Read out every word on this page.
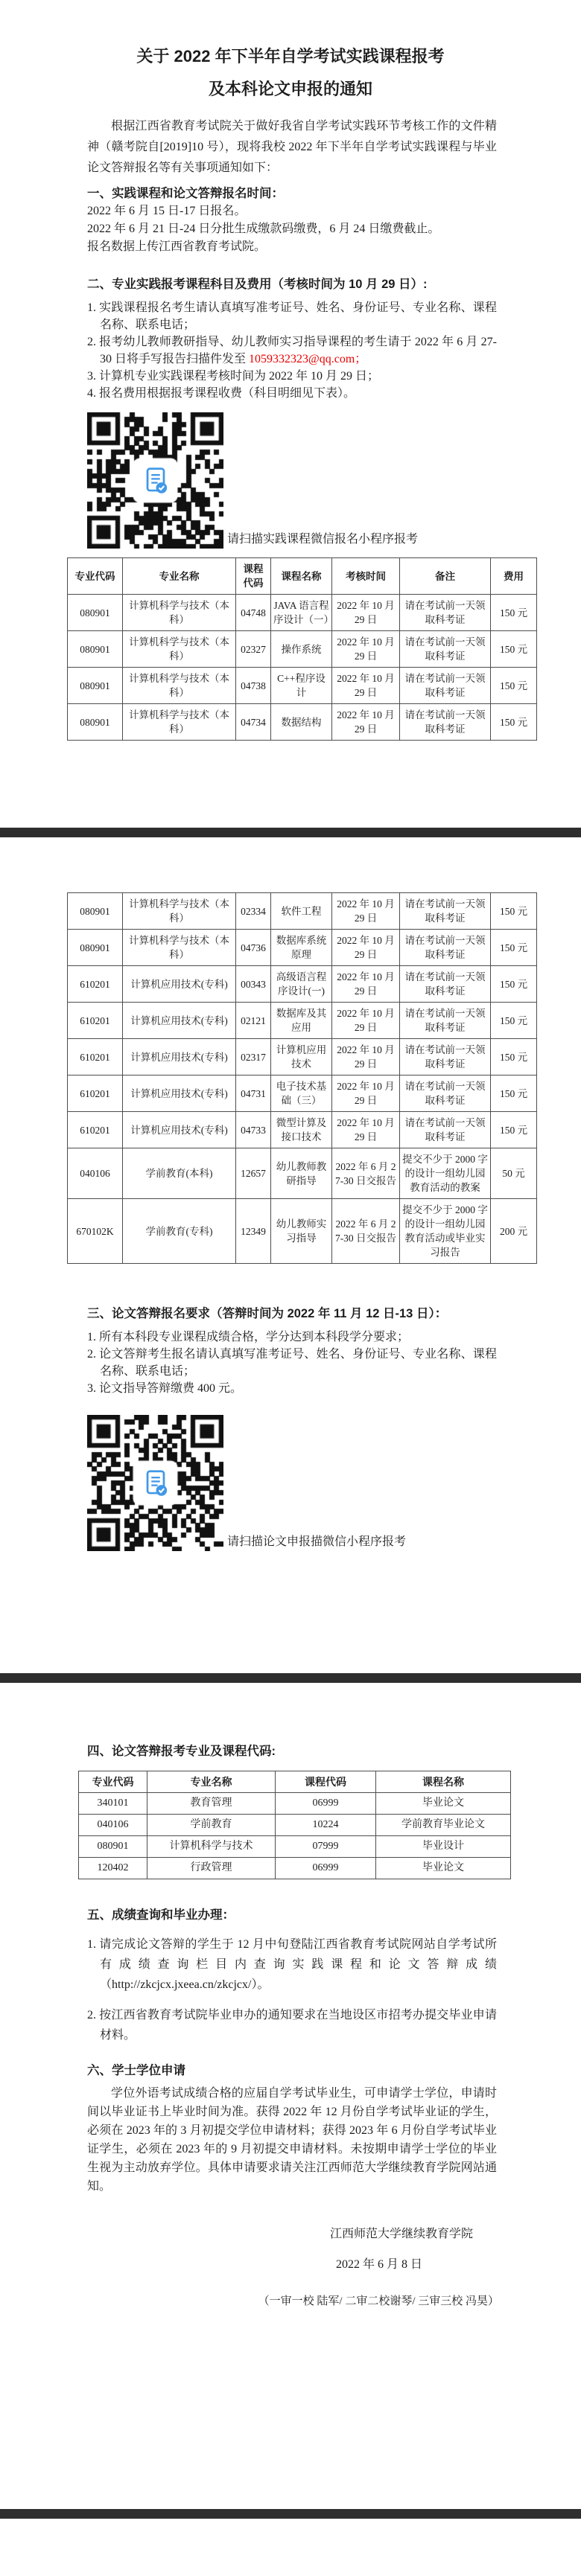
关于 2022 年下半年自学考试实践课程报考
及本科论文申报的通知

根据江西省教育考试院关于做好我省自学考试实践环节考核工作的文件精神（赣考院自[2019]10 号），现将我校 2022 年下半年自学考试实践课程与毕业论文答辩报名等有关事项通知如下：

一、实践课程和论文答辩报名时间：

2022 年 6 月 15 日-17 日报名。

2022 年 6 月 21 日-24 日分批生成缴款码缴费，6 月 24 日缴费截止。

报名数据上传江西省教育考试院。

二、专业实践报考课程科目及费用（考核时间为 10 月 29 日）:

1. 实践课程报名考生请认真填写准考证号、姓名、身份证号、专业名称、课程名称、联系电话；

2. 报考幼儿教师教研指导、幼儿教师实习指导课程的考生请于 2022 年 6 月 27-30 日将手写报告扫描件发至 1059332323@qq.com；

3. 计算机专业实践课程考核时间为 2022 年 10 月 29 日；

4. 报名费用根据报考课程收费（科目明细见下表）。

请扫描实践课程微信报名小程序报考
专业代码	专业名称	课程代码	课程名称	考核时间	备注	费用
080901	计算机科学与技术（本科）	04748	JAVA 语言程序设计（一）	2022 年 10 月 29 日	请在考试前一天领取科考证	150 元
080901	计算机科学与技术（本科）	02327	操作系统	2022 年 10 月 29 日	请在考试前一天领取科考证	150 元
080901	计算机科学与技术（本科）	04738	C++程序设计	2022 年 10 月 29 日	请在考试前一天领取科考证	150 元
080901	计算机科学与技术（本科）	04734	数据结构	2022 年 10 月 29 日	请在考试前一天领取科考证	150 元
080901	计算机科学与技术（本科）	02334	软件工程	2022 年 10 月 29 日	请在考试前一天领取科考证	150 元
080901	计算机科学与技术（本科）	04736	数据库系统原理	2022 年 10 月 29 日	请在考试前一天领取科考证	150 元
610201	计算机应用技术(专科)	00343	高级语言程序设计(一)	2022 年 10 月 29 日	请在考试前一天领取科考证	150 元
610201	计算机应用技术(专科)	02121	数据库及其应用	2022 年 10 月 29 日	请在考试前一天领取科考证	150 元
610201	计算机应用技术(专科)	02317	计算机应用技术	2022 年 10 月 29 日	请在考试前一天领取科考证	150 元
610201	计算机应用技术(专科)	04731	电子技术基础（三）	2022 年 10 月 29 日	请在考试前一天领取科考证	150 元
610201	计算机应用技术(专科)	04733	微型计算及接口技术	2022 年 10 月 29 日	请在考试前一天领取科考证	150 元
040106	学前教育(本科)	12657	幼儿教师教研指导	2022 年 6 月 27-30 日交报告	提交不少于 2000 字的设计一组幼儿园教育活动的教案	50 元
670102K	学前教育(专科)	12349	幼儿教师实习指导	2022 年 6 月 27-30 日交报告	提交不少于 2000 字的设计一组幼儿园教育活动或毕业实习报告	200 元
三、论文答辩报名要求（答辩时间为 2022 年 11 月 12 日-13 日）：

1. 所有本科段专业课程成绩合格，学分达到本科段学分要求；

2. 论文答辩考生报名请认真填写准考证号、姓名、身份证号、专业名称、课程名称、联系电话；

3. 论文指导答辩缴费 400 元。

请扫描论文申报描微信小程序报考
四、论文答辩报考专业及课程代码:
专业代码	专业名称	课程代码	课程名称
340101	教育管理	06999	毕业论文
040106	学前教育	10224	学前教育毕业论文
080901	计算机科学与技术	07999	毕业设计
120402	行政管理	06999	毕业论文
五、成绩查询和毕业办理：

1. 请完成论文答辩的学生于 12 月中旬登陆江西省教育考试院网站自学考试所有成绩查询栏目内查询实践课程和论文答辩成绩（http://zkcjcx.jxeea.cn/zkcjcx/）。

2. 按江西省教育考试院毕业申办的通知要求在当地设区市招考办提交毕业申请材料。

六、学士学位申请

学位外语考试成绩合格的应届自学考试毕业生，可申请学士学位，申请时间以毕业证书上毕业时间为准。获得 2022 年 12 月份自学考试毕业证的学生，必须在 2023 年的 3 月初提交学位申请材料；获得 2023 年 6 月份自学考试毕业证学生，必须在 2023 年的 9 月初提交申请材料。未按期申请学士学位的毕业生视为主动放弃学位。具体申请要求请关注江西师范大学继续教育学院网站通知。

江西师范大学继续教育学院

2022 年 6 月 8 日

（一审一校 陆军/ 二审二校谢琴/ 三审三校 冯昊）
